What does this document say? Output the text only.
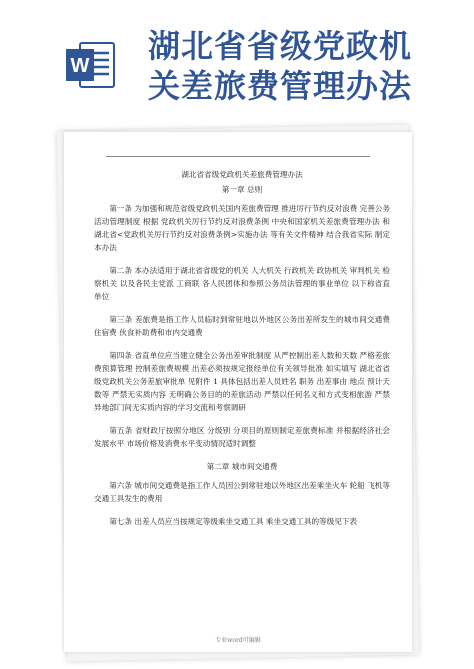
W
湖北省省级党政机
关差旅费管理办法

湖北省省级党政机关差旅费管理办法

第一章 总则

第一条 为加强和规范省级党政机关国内差旅费管理 推进厉行节约反对浪费 完善公务活动管理制度 根据 党政机关厉行节约反对浪费条例 中央和国家机关差旅费管理办法 和 湖北省<党政机关厉行节约反对浪费条例>实施办法 等有关文件精神 结合我省实际 制定本办法

第二条 本办法适用于湖北省省级党的机关 人大机关 行政机关 政协机关 审判机关 检察机关 以及各民主党派 工商联 各人民团体和参照公务员法管理的事业单位 以下称省直单位

第三条 差旅费是指工作人员临时到常驻地以外地区公务出差所发生的城市间交通费 住宿费 伙食补助费和市内交通费

第四条 省直单位应当建立健全公务出差审批制度 从严控制出差人数和天数 严格差旅费预算管理 控制差旅费规模 出差必须按规定报经单位有关领导批准 如实填写 湖北省省级党政机关公务差旅审批单 见附件 1 具体包括出差人员姓名 职务 出差事由 地点 预计天数等 严禁无实质内容 无明确公务目的的差旅活动 严禁以任何名义和方式变相旅游 严禁异地部门间无实质内容的学习交流和考察调研

第五条 省财政厅按照分地区 分级别 分项目的原则制定差旅费标准 并根据经济社会发展水平 市场价格及消费水平变动情况适时调整

第二章 城市间交通费

第六条 城市间交通费是指工作人员因公到常驻地以外地区出差乘坐火车 轮船 飞机等交通工具发生的费用

第七条 出差人员应当按规定等级乘坐交通工具 乘坐交通工具的等级见下表

专业word可编辑
